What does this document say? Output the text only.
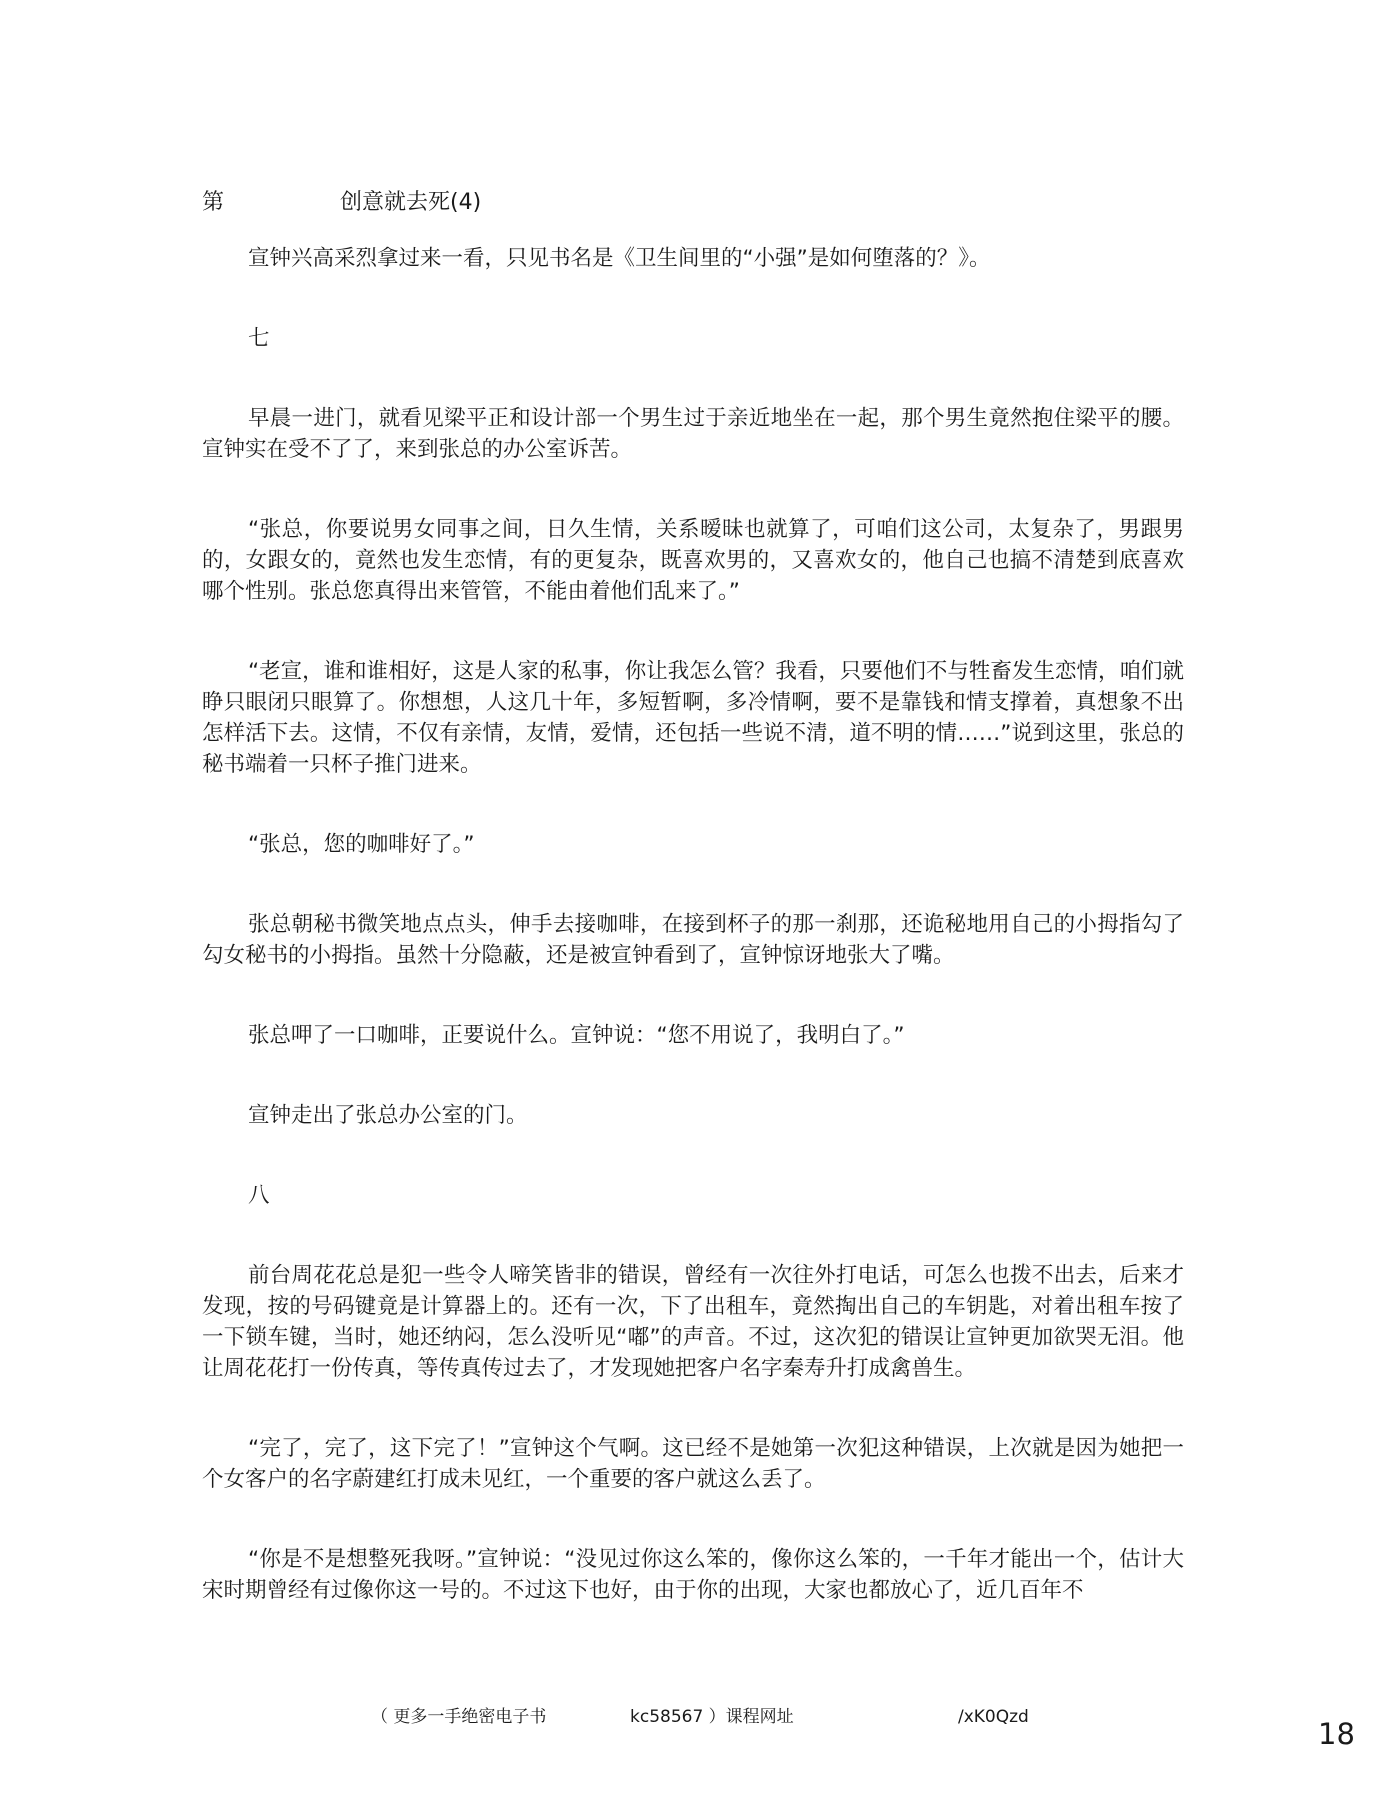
第	创意就去死(4)

宣钟兴高采烈拿过来一看，只见书名是《卫生间里的“小强”是如何堕落的？》。

七

早晨一进门，就看见梁平正和设计部一个男生过于亲近地坐在一起，那个男生竟然抱住梁平的腰。宣钟实在受不了了，来到张总的办公室诉苦。

“张总，你要说男女同事之间，日久生情，关系暧昧也就算了，可咱们这公司，太复杂了，男跟男的，女跟女的，竟然也发生恋情，有的更复杂，既喜欢男的，又喜欢女的，他自己也搞不清楚到底喜欢哪个性别。张总您真得出来管管，不能由着他们乱来了。”

“老宣，谁和谁相好，这是人家的私事，你让我怎么管？我看，只要他们不与牲畜发生恋情，咱们就睁只眼闭只眼算了。你想想，人这几十年，多短暂啊，多冷情啊，要不是靠钱和情支撑着，真想象不出怎样活下去。这情，不仅有亲情，友情，爱情，还包括一些说不清，道不明的情……”说到这里，张总的秘书端着一只杯子推门进来。

“张总，您的咖啡好了。”

张总朝秘书微笑地点点头，伸手去接咖啡，在接到杯子的那一刹那，还诡秘地用自己的小拇指勾了勾女秘书的小拇指。虽然十分隐蔽，还是被宣钟看到了，宣钟惊讶地张大了嘴。

张总呷了一口咖啡，正要说什么。宣钟说：“您不用说了，我明白了。”

宣钟走出了张总办公室的门。

八

前台周花花总是犯一些令人啼笑皆非的错误，曾经有一次往外打电话，可怎么也拨不出去，后来才发现，按的号码键竟是计算器上的。还有一次，下了出租车，竟然掏出自己的车钥匙，对着出租车按了一下锁车键，当时，她还纳闷，怎么没听见“嘟”的声音。不过，这次犯的错误让宣钟更加欲哭无泪。他让周花花打一份传真，等传真传过去了，才发现她把客户名字秦寿升打成禽兽生。

“完了，完了，这下完了！”宣钟这个气啊。这已经不是她第一次犯这种错误，上次就是因为她把一个女客户的名字蔚建红打成未见红，一个重要的客户就这么丢了。

“你是不是想整死我呀。”宣钟说：“没见过你这么笨的，像你这么笨的，一千年才能出一个，估计大宋时期曾经有过像你这一号的。不过这下也好，由于你的出现，大家也都放心了，近几百年不

（ 更多一手绝密电子书	kc58567 ）课程网址	/xK0Qzd	18
